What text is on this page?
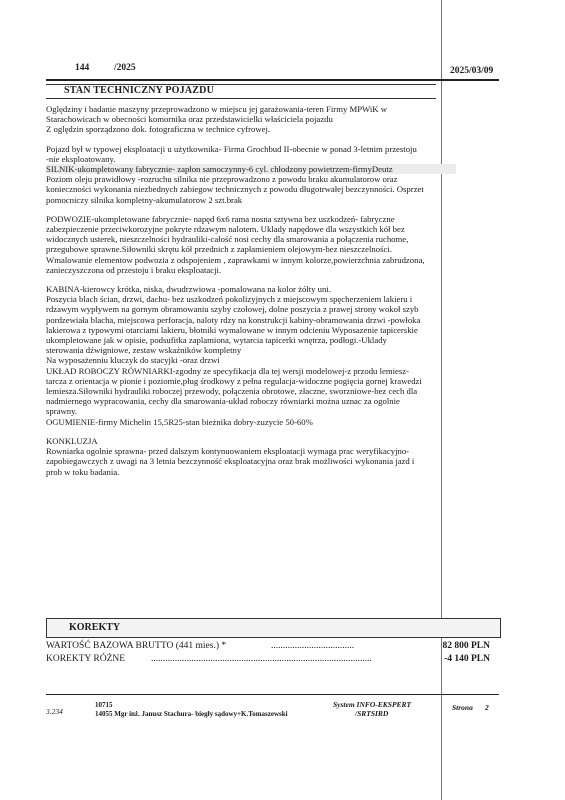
144	/2025	2025/03/09
STAN TECHNICZNY POJAZDU

Oględziny i badanie maszyny przeprowadzono w miejscu jej garażowania-teren Firmy MPWiK w

Starachowicach w obecności komornika oraz przedstawicielki właściciela pojazdu

Z oględzin sporządzono dok. fotograficzna w technice cyfrowej.

Pojazd był w typowej eksploatacji u użytkownika- Firma Grochbud II-obecnie w ponad 3-letnim przestoju

-nie eksploatowany.

SILNIK-ukompletowany fabrycznie- zapłon samoczynny-6 cyl. chłodzony powietrzem-firmyDeutz

Poziom oleju prawidłowy -rozruchu silnika nie przeprowadzono z powodu braku akumulatorow oraz

konieczności wykonania niezbednych zabiegow technicznych z powodu długotrwałej bezczynności. Osprzet

pomocniczy silnika kompletny-akumulatorow 2 szt.brak

PODWOZIE-ukompletowane fabrycznie- napęd 6x6 rama nosna sztywna bez uszkodzeń- fabryczne

zabezpieczenie przeciwkorozyjne pokryte rdzawym nalotem. Uklady napędowe dla wszystkich kół bez

widocznych usterek, nieszczelności hydrauliki-całość nosi cechy dla smarowania a połączenia ruchome,

przegubowe sprawne.Siłowniki skrętu kół przednich z zapłamieniem olejowym-bez nieszczelności.

Wmalowanie elementow podwozia z odspojeniem , zaprawkami w innym kolorze,powierzchnia zabrudzona,

zanieczyszczona od przestoju i braku eksploatacji.

KABINA-kierowcy krótka, niska, dwudrzwiowa -pomalowana na kolor żółty uni.

Poszycia blach ścian, drzwi, dachu- bez uszkodzeń pokolizyjnych z miejscowym spęcherzeniem lakieru i

rdzawym wypływem na gornym obramowaniu szyby czołowej, dolne poszycia z prawej strony wokoł szyb

pordzewiała blacha, miejscowa perforacja, naloty rdzy na konstrukcji kabiny-obramowania drzwi -powłoka

lakierowa z typowymi otarciami lakieru, błotniki wymalowane w innym odcieniu Wyposazenie tapicerskie

ukompletowane jak w opisie, podsufitka zaplamiona, wytarcia tapicerki wnętrza, podłogi.-Uklady

sterowania dźwigniowe, zestaw wskaźników kompletny

Na wyposażenniu kluczyk do stacyjki -oraz drzwi

UKŁAD ROBOCZY RÓWNIARKI-zgodny ze specyfikacja dla tej wersji modelowej-z przodu lemiesz-

tarcza z orientacja w pionie i poziomie,pług środkowy z pełna regulacja-widoczne pogięcia gornej krawedzi

lemiesza.Siłowniki hydrauliki roboczej przewody, połączenia obrotowe, złaczne, sworzniowe-bez cech dla

nadmiernego wypracowania, cechy dla smarowania-układ roboczy równiarki można uznac za ogolnie

sprawny.

OGUMIENIE-firmy Michelin 15,5R25-stan bieżnika dobry-zuzycie 50-60%

KONKLUZJA

Rowniarka ogolnie sprawna- przed dalszym kontynuowaniem eksploatacji wymaga prac weryfikacyjno-

zapobiegawczych z uwagi na 3 letnia bezczynność eksploatacyjna oraz brak możliwości wykonania jazd i

prob w toku badania.

KOREKTY
WARTOŚĆ BAZOWA BRUTTO (441 mies.) *	...................................	82 800 PLN
KOREKTY RÓŻNE	.............................................................................................	-4 140 PLN
3.234
10715
14055 Mgr inż. Janusz Stachura- biegły sądowy+K.Tomaszewski
System INFO-EKSPERT
/SRTSIRD
Strona 2
